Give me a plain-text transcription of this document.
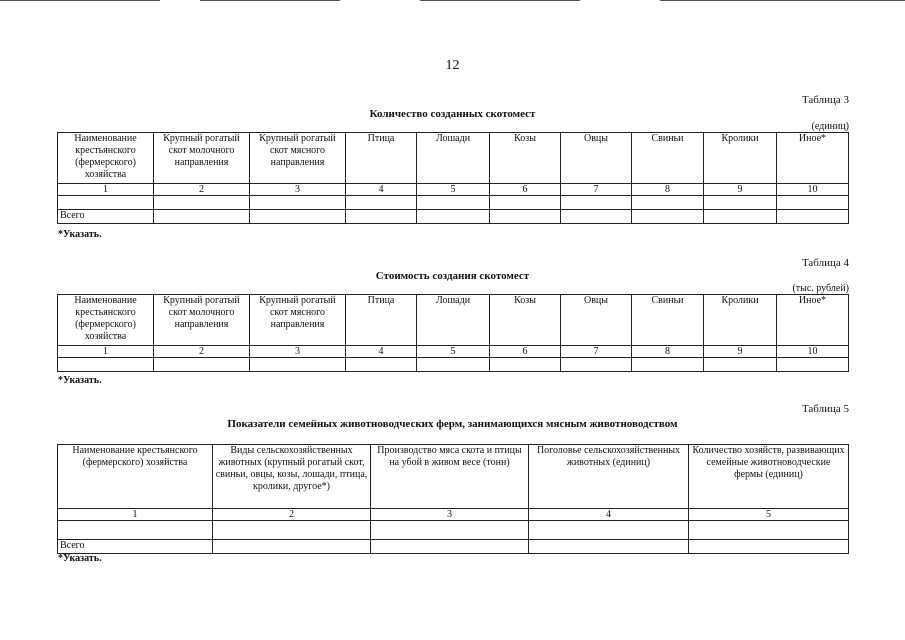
12
Таблица 3
Количество созданных скотомест
(единиц)
Наименование крестьянского (фермерского) хозяйства	Крупный рогатый скот молочного направления	Крупный рогатый скот мясного направления	Птица	Лошади	Козы	Овцы	Свиньи	Кролики	Иное*
1	2	3	4	5	6	7	8	9	10

Всего									
*Указать.
Таблица 4
Стоимость создания скотомест
(тыс. рублей)
Наименование крестьянского (фермерского) хозяйства	Крупный рогатый скот молочного направления	Крупный рогатый скот мясного направления	Птица	Лошади	Козы	Овцы	Свиньи	Кролики	Иное*
1	2	3	4	5	6	7	8	9	10

*Указать.
Таблица 5
Показатели семейных животноводческих ферм, занимающихся мясным животноводством
Наименование крестьянского (фермерского) хозяйства	Виды сельскохозяйственных животных (крупный рогатый скот, свиньи, овцы, козы, лошади, птица, кролики, другое*)	Производство мяса скота и птицы на убой в живом весе (тонн)	Поголовье сельскохозяйственных животных (единиц)	Количество хозяйств, развивающих семейные животноводческие фермы (единиц)
1	2	3	4	5

Всего				
*Указать.
